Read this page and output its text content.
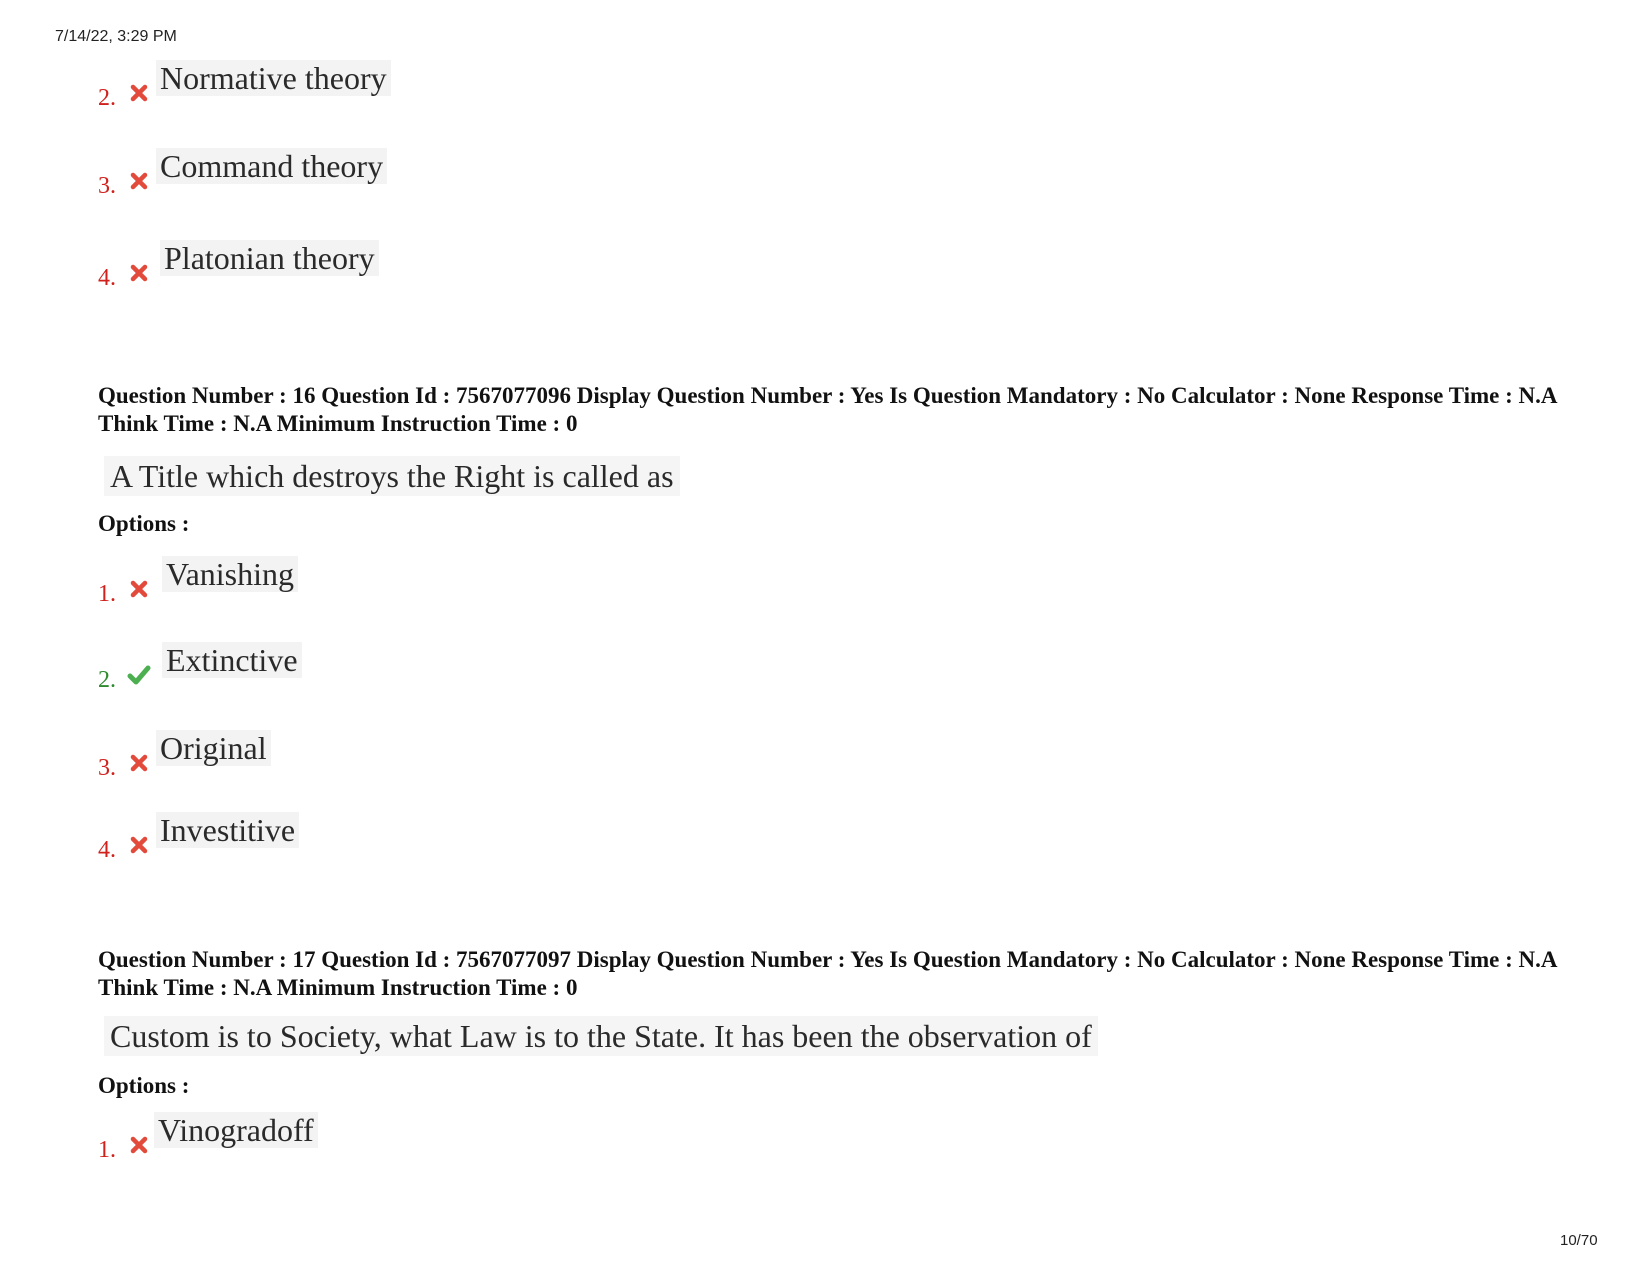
7/14/22, 3:29 PM
2.
Normative theory
3.
Command theory
4.
Platonian theory
Question Number : 16 Question Id : 7567077096 Display Question Number : Yes Is Question Mandatory : No Calculator : None Response Time : N.A Think Time : N.A Minimum Instruction Time : 0
A Title which destroys the Right is called as
Options :
1.
Vanishing
2.
Extinctive
3.
Original
4.
Investitive
Question Number : 17 Question Id : 7567077097 Display Question Number : Yes Is Question Mandatory : No Calculator : None Response Time : N.A Think Time : N.A Minimum Instruction Time : 0
Custom is to Society, what Law is to the State. It has been the observation of
Options :
1.
Vinogradoff
10/70
